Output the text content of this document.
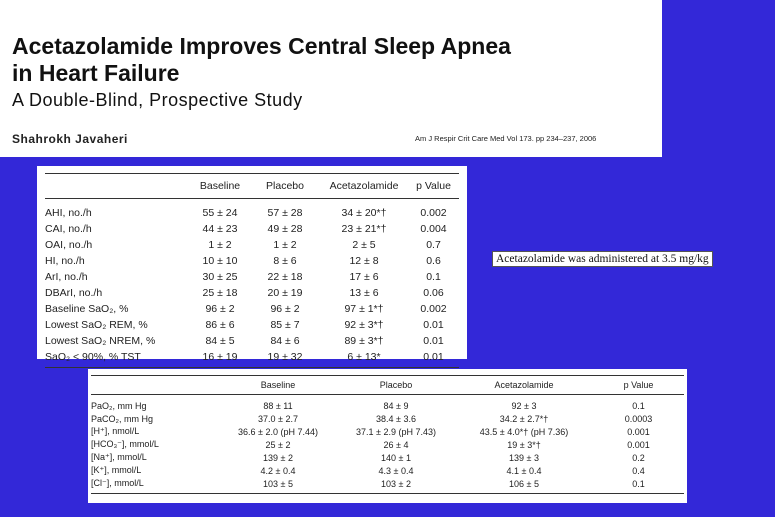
Acetazolamide Improves Central Sleep Apnea
in Heart Failure
A Double-Blind, Prospective Study
Shahrokh Javaheri	Am J Respir Crit Care Med Vol 173. pp 234–237, 2006
Acetazolamide was administered at 3.5 mg/kg
	Baseline	Placebo	Acetazolamide	p Value
AHI, no./h	55 ± 24	57 ± 28	34 ± 20*†	0.002
CAI, no./h	44 ± 23	49 ± 28	23 ± 21*†	0.004
OAI, no./h	1 ± 2	1 ± 2	2 ± 5	0.7
HI, no./h	10 ± 10	8 ± 6	12 ± 8	0.6
ArI, no./h	30 ± 25	22 ± 18	17 ± 6	0.1
DBArI, no./h	25 ± 18	20 ± 19	13 ± 6	0.06
Baseline SaO₂, %	96 ± 2	96 ± 2	97 ± 1*†	0.002
Lowest SaO₂ REM, %	86 ± 6	85 ± 7	92 ± 3*†	0.01
Lowest SaO₂ NREM, %	84 ± 5	84 ± 6	89 ± 3*†	0.01
SaO₂ < 90%, % TST	16 ± 19	19 ± 32	6 ± 13*	0.01
	Baseline	Placebo	Acetazolamide	p Value
PaO₂, mm Hg	88 ± 11	84 ± 9	92 ± 3	0.1
PaCO₂, mm Hg	37.0 ± 2.7	38.4 ± 3.6	34.2 ± 2.7*†	0.0003
[H⁺], nmol/L	36.6 ± 2.0 (pH 7.44)	37.1 ± 2.9 (pH 7.43)	43.5 ± 4.0*† (pH 7.36)	0.001
[HCO₃⁻], mmol/L	25 ± 2	26 ± 4	19 ± 3*†	0.001
[Na⁺], mmol/L	139 ± 2	140 ± 1	139 ± 3	0.2
[K⁺], mmol/L	4.2 ± 0.4	4.3 ± 0.4	4.1 ± 0.4	0.4
[Cl⁻], mmol/L	103 ± 5	103 ± 2	106 ± 5	0.1
